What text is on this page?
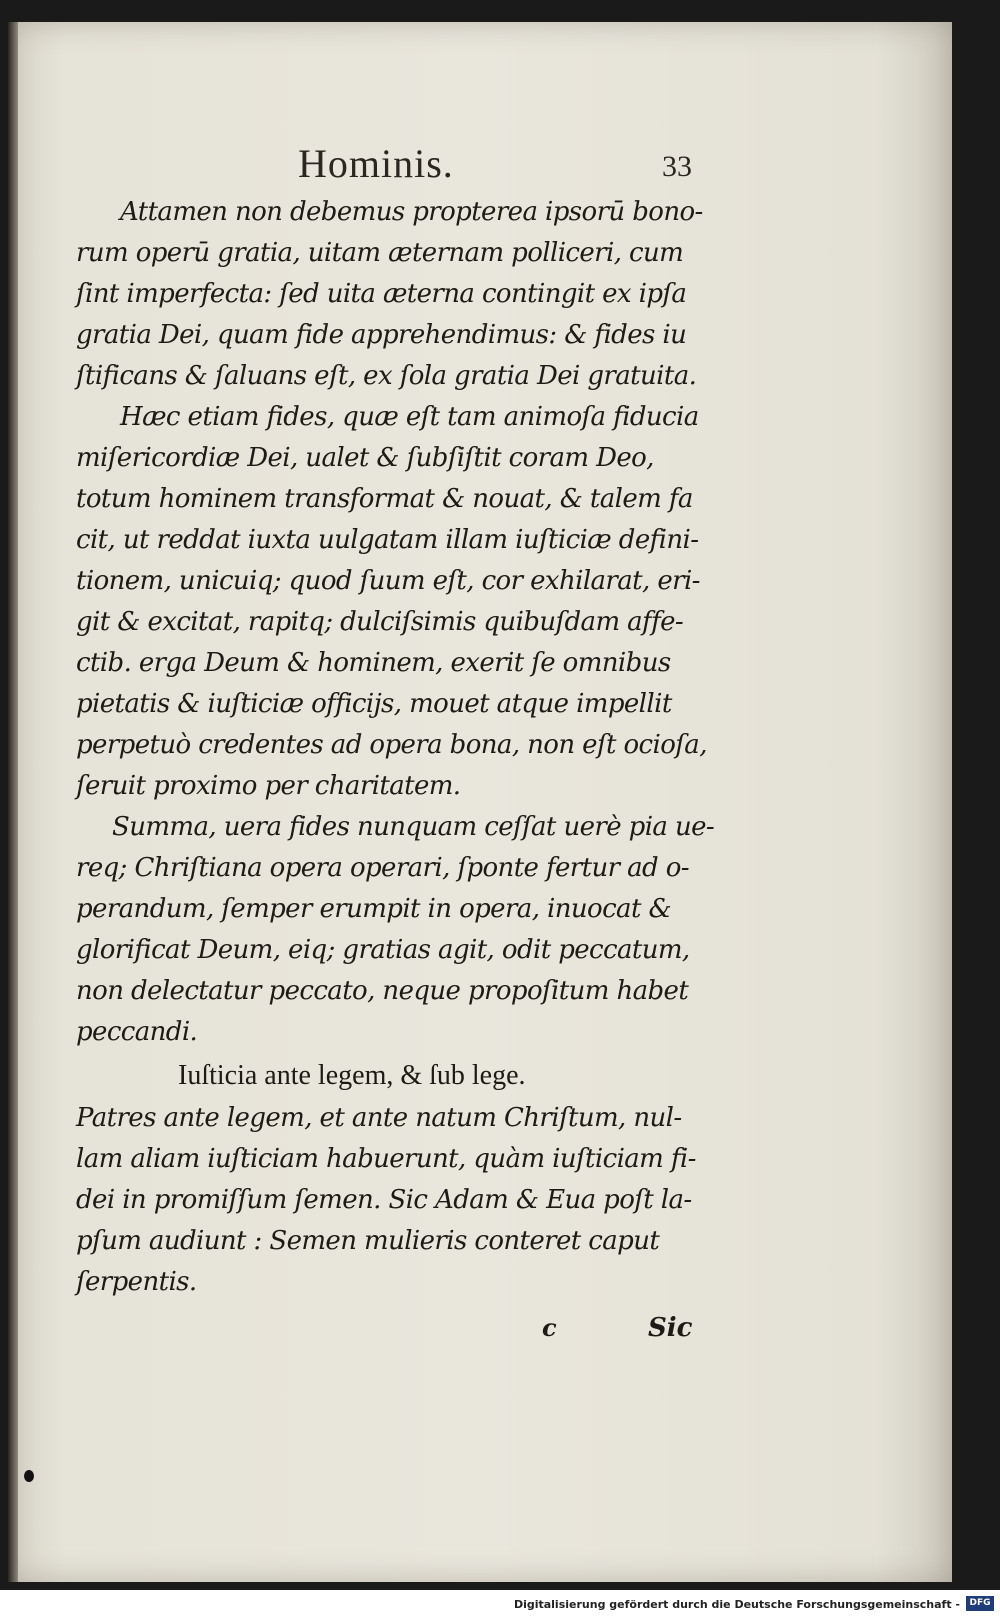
Hominis.	33
Attamen non debemus propterea ipsorū bono-
rum operū gratia, uitam æternam polliceri, cum
ſint imperfecta: ſed uita æterna contingit ex ipſa
gratia Dei, quam fide apprehendimus: & fides iu
ſtificans & ſaluans eſt, ex ſola gratia Dei gratuita.
Hæc etiam fides, quæ eſt tam animoſa fiducia
miſericordiæ Dei, ualet & ſubſiſtit coram Deo,
totum hominem transformat & nouat, & talem fa
cit, ut reddat iuxta uulgatam illam iuſticiæ defini-
tionem, unicuiq; quod ſuum eſt, cor exhilarat, eri-
git & excitat, rapitq; dulciſsimis quibuſdam affe-
ctib. erga Deum & hominem, exerit ſe omnibus
pietatis & iuſticiæ officijs, mouet atque impellit
perpetuò credentes ad opera bona, non eſt ocioſa,
ſeruit proximo per charitatem.
Summa, uera fides nunquam ceſſat uerè pia ue-
req; Chriſtiana opera operari, ſponte fertur ad o-
perandum, ſemper erumpit in opera, inuocat &
glorificat Deum, eiq; gratias agit, odit peccatum,
non delectatur peccato, neque propoſitum habet
peccandi.
Iuſticia ante legem, & ſub lege.
Patres ante legem, et ante natum Chriſtum, nul-
lam aliam iuſticiam habuerunt, quàm iuſticiam fi-
dei in promiſſum ſemen. Sic Adam & Eua poſt la-
pſum audiunt : Semen mulieris conteret caput
ſerpentis.
c	Sic
Digitalisierung gefördert durch die Deutsche Forschungsgemeinschaft -	DFG
